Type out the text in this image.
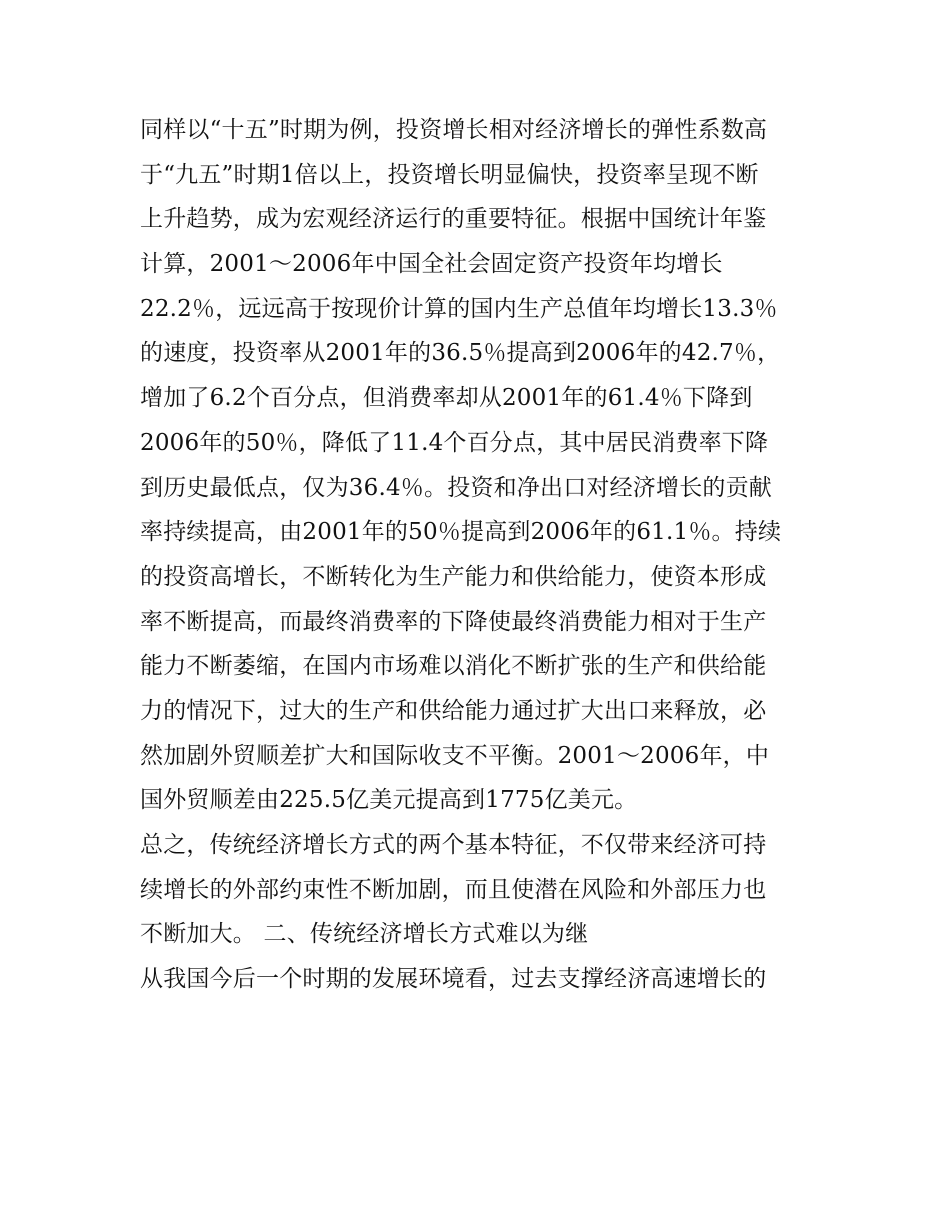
同样以“十五”时期为例，投资增长相对经济增长的弹性系数高
于“九五”时期1倍以上，投资增长明显偏快，投资率呈现不断
上升趋势，成为宏观经济运行的重要特征。根据中国统计年鉴
计算，2001～2006年中国全社会固定资产投资年均增长
22.2％，远远高于按现价计算的国内生产总值年均增长13.3％
的速度，投资率从2001年的36.5％提高到2006年的42.7％，
增加了6.2个百分点，但消费率却从2001年的61.4％下降到
2006年的50％，降低了11.4个百分点，其中居民消费率下降
到历史最低点，仅为36.4％。投资和净出口对经济增长的贡献
率持续提高，由2001年的50％提高到2006年的61.1％。持续
的投资高增长，不断转化为生产能力和供给能力，使资本形成
率不断提高，而最终消费率的下降使最终消费能力相对于生产
能力不断萎缩，在国内市场难以消化不断扩张的生产和供给能
力的情况下，过大的生产和供给能力通过扩大出口来释放，必
然加剧外贸顺差扩大和国际收支不平衡。2001～2006年，中
国外贸顺差由225.5亿美元提高到1775亿美元。
总之，传统经济增长方式的两个基本特征，不仅带来经济可持
续增长的外部约束性不断加剧，而且使潜在风险和外部压力也
不断加大。 二、传统经济增长方式难以为继
从我国今后一个时期的发展环境看，过去支撑经济高速增长的
